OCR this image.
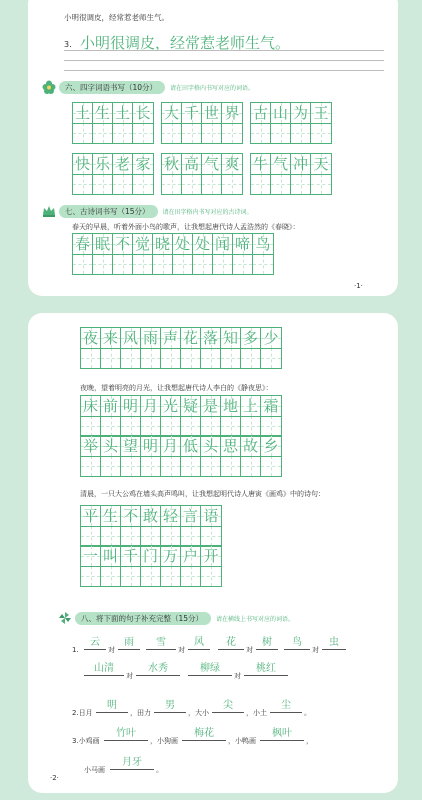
小明很调皮，经常惹老师生气。
3. 小明很调皮，经常惹老师生气。
六、四字词语书写（10分）	请在田字格内书写对应的词语。
土 生 土 长 大 千 世 界 古 山 为 王
快 乐 老 家 秋 高 气 爽 牛 气 冲 天
七、古诗词书写（15分）	请在田字格内书写对应的古诗词。
春天的早晨，听着外面小鸟的歌声，让我想起唐代诗人孟浩然的《春晓》：
春 眠 不 觉 晓 处 处 闻 啼 鸟
·1·
夜 来 风 雨 声 花 落 知 多 少
夜晚，望着明亮的月光，让我想起唐代诗人李白的《静夜思》：
床 前 明 月 光 疑 是 地 上 霜
举 头 望 明 月 低 头 思 故 乡
清晨，一只大公鸡在墙头高声鸣叫，让我想起明代诗人唐寅《画鸡》中的诗句：
平 生 不 敢 轻 言 语
一 叫 千 门 万 户 开
八、将下面的句子补充完整（15分）	请在横线上书写对应的词语。
1.
云
对
雨	雪
对
风	花
对
树	鸟
对
虫
山清
对
水秀	柳绿
对
桃红
2.日月
明
，田力
男
，大小
尖
，小土
尘
。
3.小鸡画
竹叶
，小狗画
梅花
，小鸭画
枫叶
，
小马画
月牙
。
·2·
